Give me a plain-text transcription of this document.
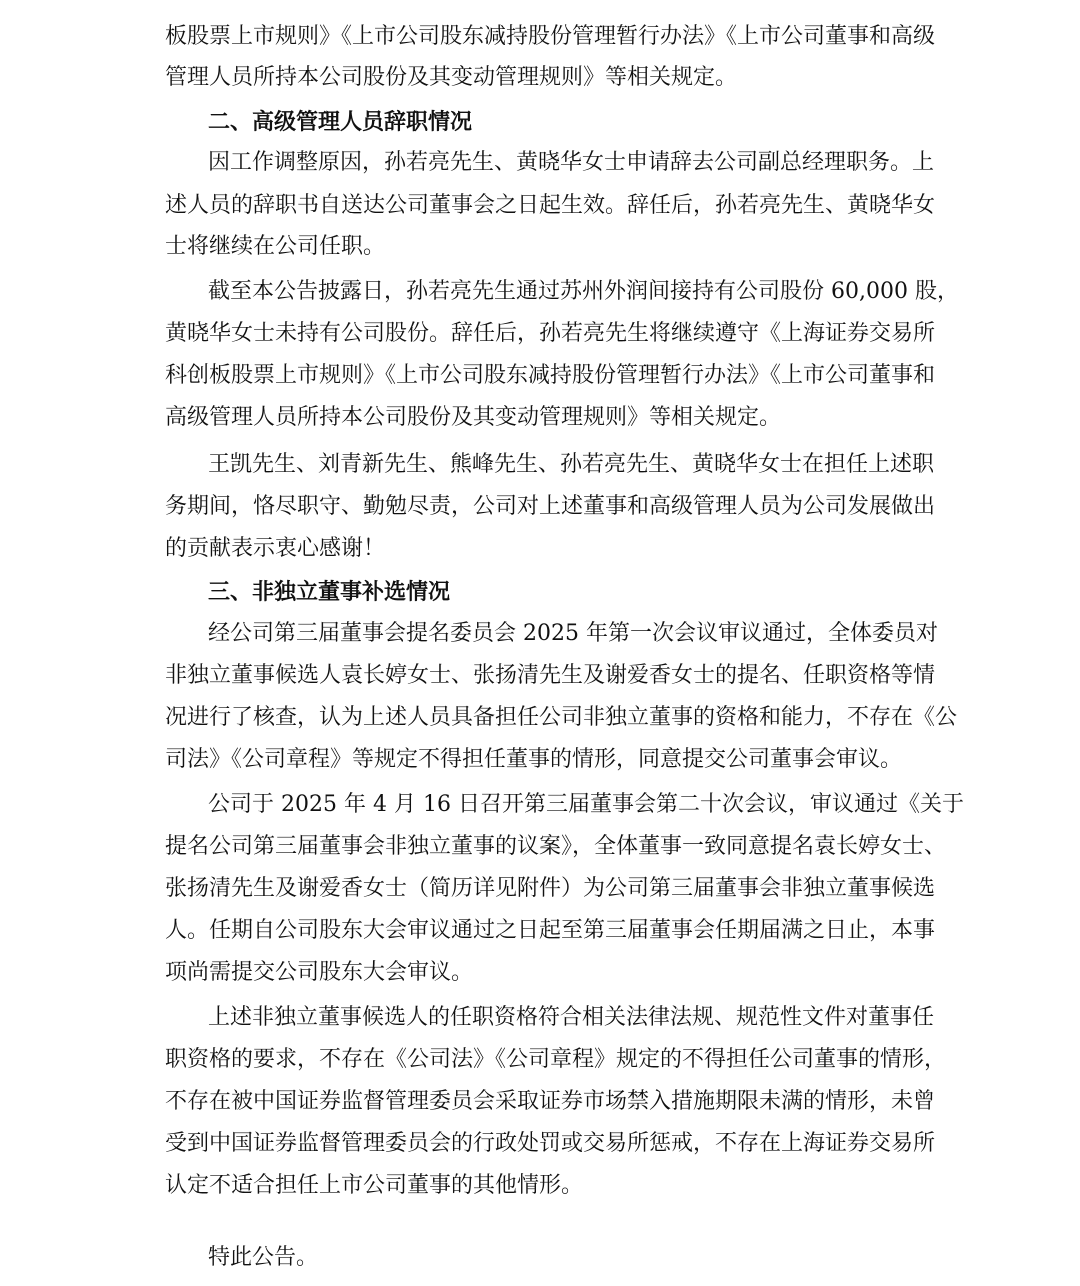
板股票上市规则》《上市公司股东减持股份管理暂行办法》《上市公司董事和高级

管理人员所持本公司股份及其变动管理规则》等相关规定。

二、高级管理人员辞职情况

因工作调整原因，孙若亮先生、黄晓华女士申请辞去公司副总经理职务。上

述人员的辞职书自送达公司董事会之日起生效。辞任后，孙若亮先生、黄晓华女

士将继续在公司任职。

截至本公告披露日，孙若亮先生通过苏州外润间接持有公司股份 60,000 股，

黄晓华女士未持有公司股份。辞任后，孙若亮先生将继续遵守《上海证券交易所

科创板股票上市规则》《上市公司股东减持股份管理暂行办法》《上市公司董事和

高级管理人员所持本公司股份及其变动管理规则》等相关规定。

王凯先生、刘青新先生、熊峰先生、孙若亮先生、黄晓华女士在担任上述职

务期间，恪尽职守、勤勉尽责，公司对上述董事和高级管理人员为公司发展做出

的贡献表示衷心感谢！

三、非独立董事补选情况

经公司第三届董事会提名委员会 2025 年第一次会议审议通过，全体委员对

非独立董事候选人袁长婷女士、张扬清先生及谢爱香女士的提名、任职资格等情

况进行了核查，认为上述人员具备担任公司非独立董事的资格和能力，不存在《公

司法》《公司章程》等规定不得担任董事的情形，同意提交公司董事会审议。

公司于 2025 年 4 月 16 日召开第三届董事会第二十次会议，审议通过《关于

提名公司第三届董事会非独立董事的议案》，全体董事一致同意提名袁长婷女士、

张扬清先生及谢爱香女士（简历详见附件）为公司第三届董事会非独立董事候选

人。任期自公司股东大会审议通过之日起至第三届董事会任期届满之日止，本事

项尚需提交公司股东大会审议。

上述非独立董事候选人的任职资格符合相关法律法规、规范性文件对董事任

职资格的要求，不存在《公司法》《公司章程》规定的不得担任公司董事的情形，

不存在被中国证券监督管理委员会采取证券市场禁入措施期限未满的情形，未曾

受到中国证券监督管理委员会的行政处罚或交易所惩戒，不存在上海证券交易所

认定不适合担任上市公司董事的其他情形。

特此公告。
